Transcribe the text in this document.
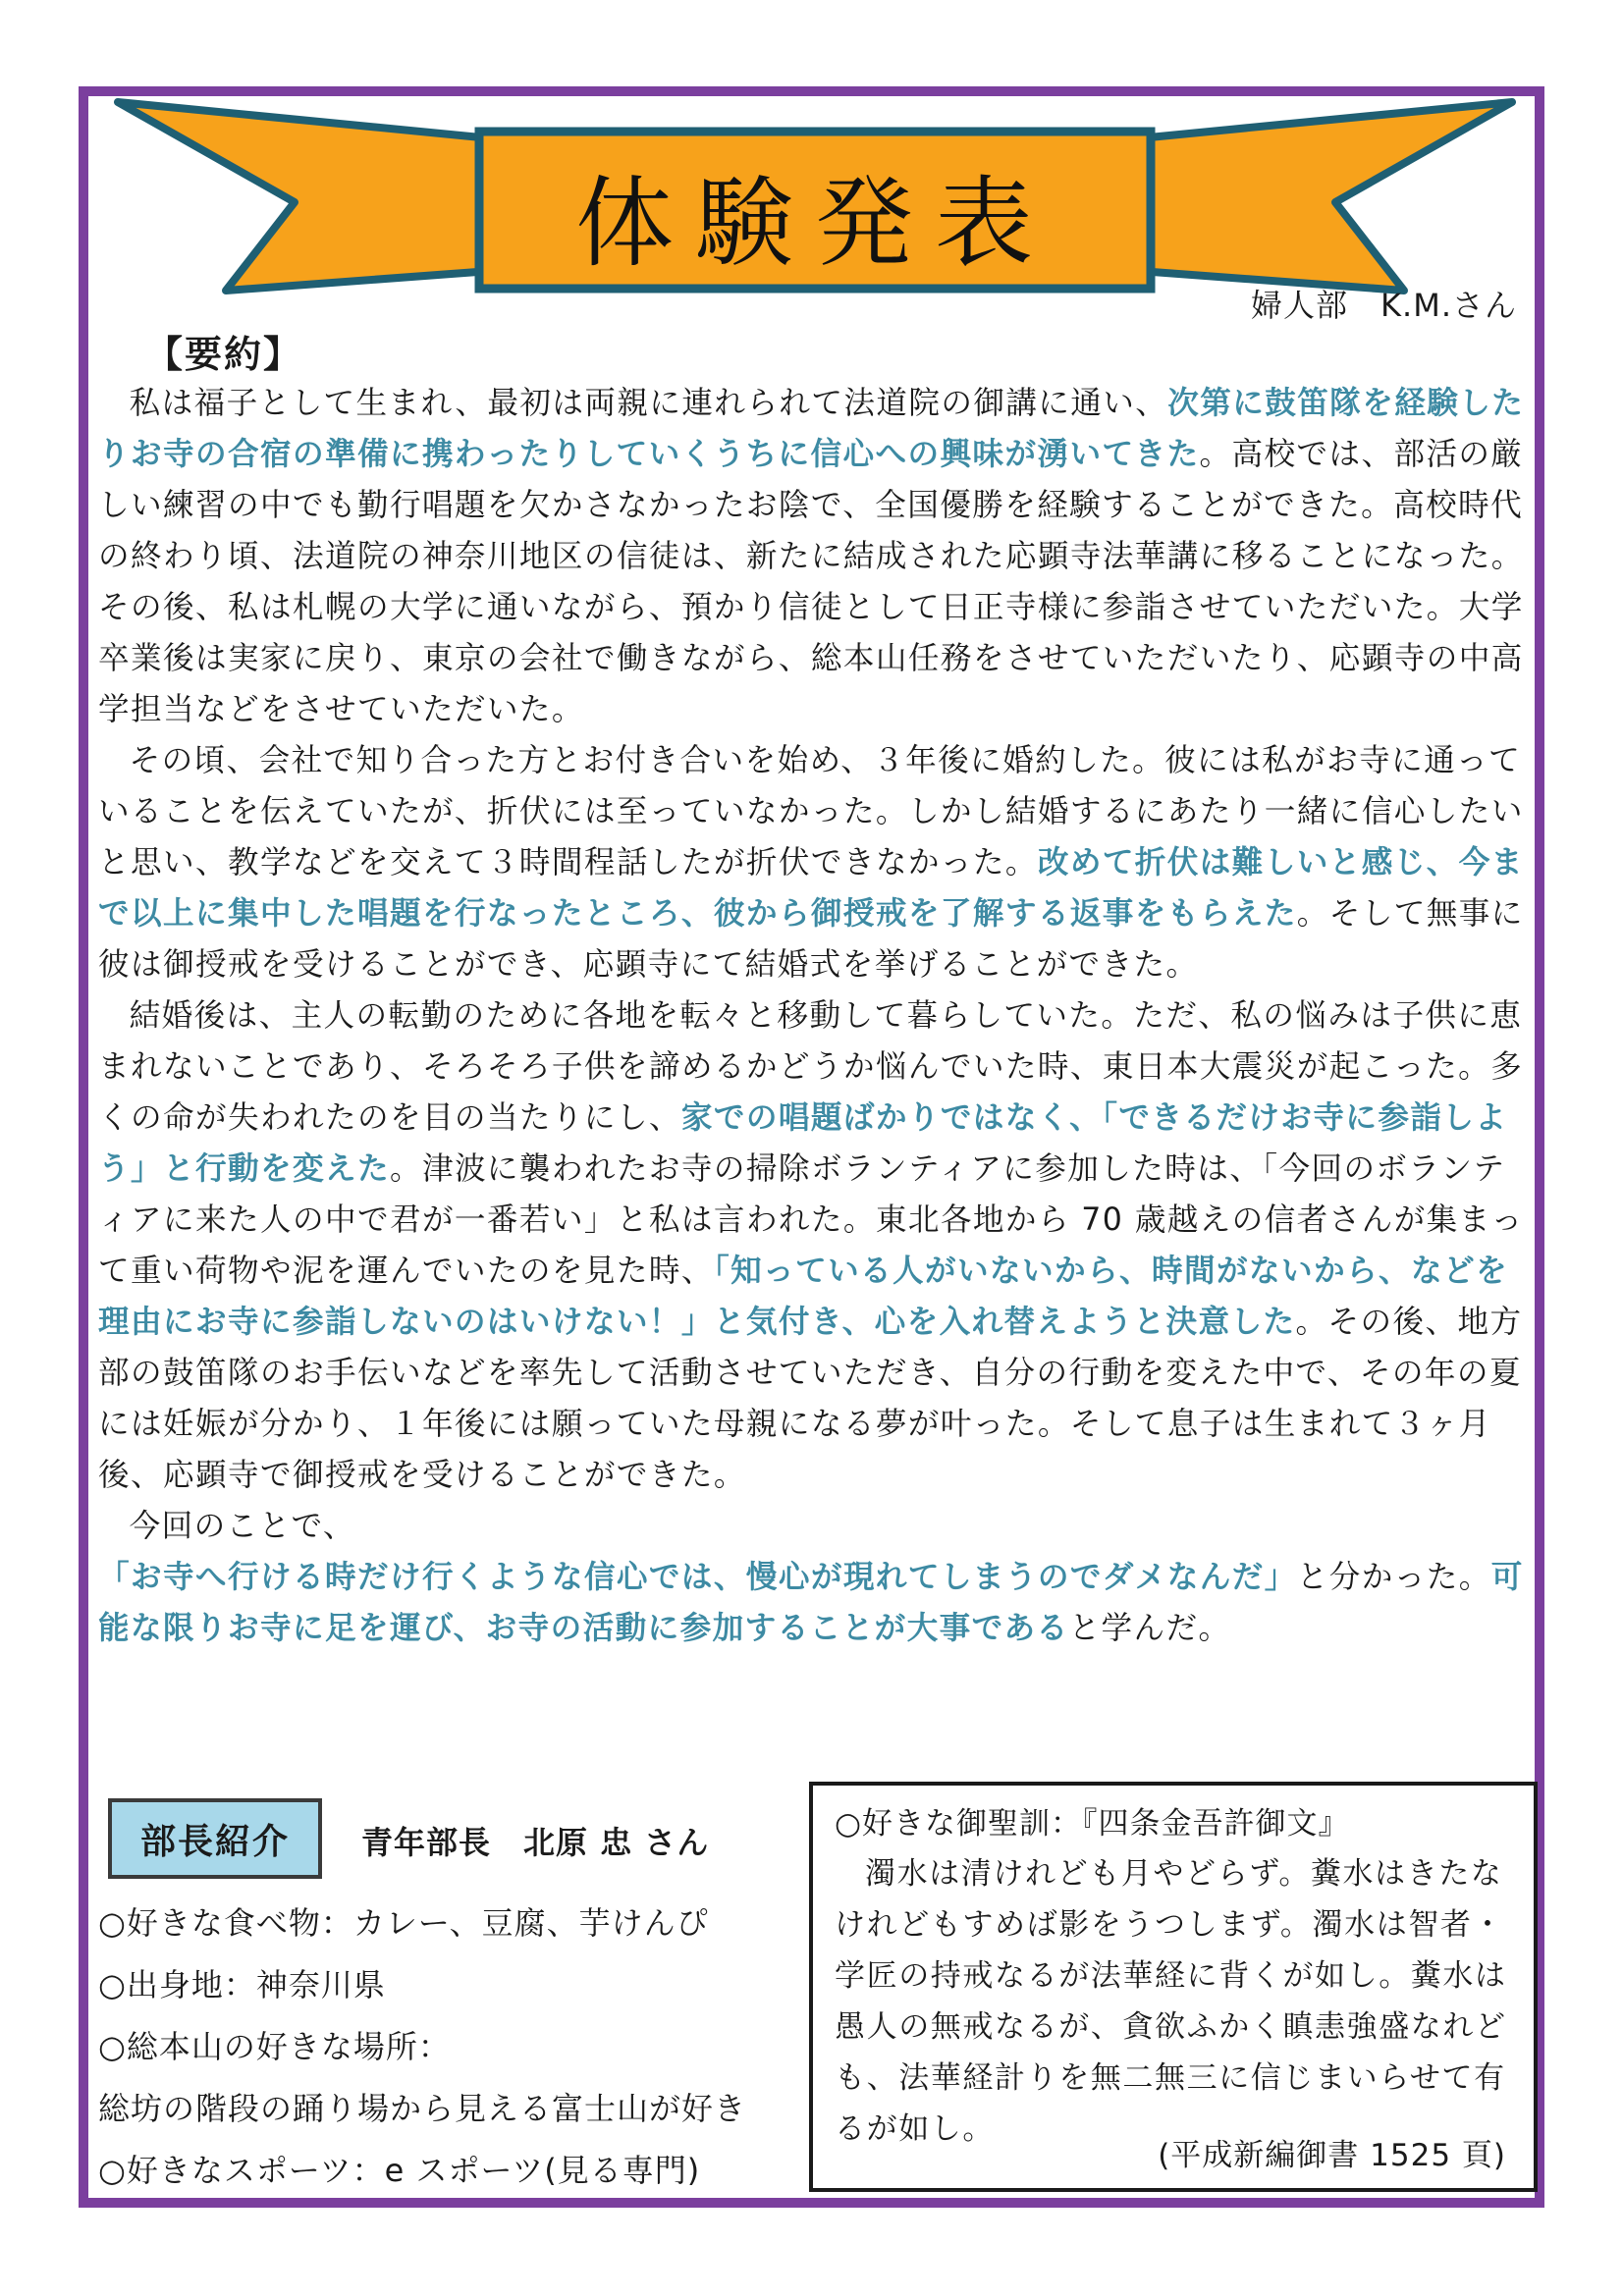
体験発表
婦人部　K.M.さん
【要約】

私は福子として生まれ、最初は両親に連れられて法道院の御講に通い、次第に鼓笛隊を経験したりお寺の合宿の準備に携わったりしていくうちに信心への興味が湧いてきた。高校では、部活の厳しい練習の中でも勤行唱題を欠かさなかったお陰で、全国優勝を経験することができた。高校時代の終わり頃、法道院の神奈川地区の信徒は、新たに結成された応顕寺法華講に移ることになった。その後、私は札幌の大学に通いながら、預かり信徒として日正寺様に参詣させていただいた。大学卒業後は実家に戻り、東京の会社で働きながら、総本山任務をさせていただいたり、応顕寺の中高学担当などをさせていただいた。

その頃、会社で知り合った方とお付き合いを始め、３年後に婚約した。彼には私がお寺に通っていることを伝えていたが、折伏には至っていなかった。しかし結婚するにあたり一緒に信心したいと思い、教学などを交えて３時間程話したが折伏できなかった。改めて折伏は難しいと感じ、今まで以上に集中した唱題を行なったところ、彼から御授戒を了解する返事をもらえた。そして無事に彼は御授戒を受けることができ、応顕寺にて結婚式を挙げることができた。

結婚後は、主人の転勤のために各地を転々と移動して暮らしていた。ただ、私の悩みは子供に恵まれないことであり、そろそろ子供を諦めるかどうか悩んでいた時、東日本大震災が起こった。多くの命が失われたのを目の当たりにし、家での唱題ばかりではなく、「できるだけお寺に参詣しよう」と行動を変えた。津波に襲われたお寺の掃除ボランティアに参加した時は、「今回のボランティアに来た人の中で君が一番若い」と私は言われた。東北各地から 70 歳越えの信者さんが集まって重い荷物や泥を運んでいたのを見た時、「知っている人がいないから、時間がないから、などを理由にお寺に参詣しないのはいけない！」と気付き、心を入れ替えようと決意した。その後、地方部の鼓笛隊のお手伝いなどを率先して活動させていただき、自分の行動を変えた中で、その年の夏には妊娠が分かり、１年後には願っていた母親になる夢が叶った。そして息子は生まれて３ヶ月後、応顕寺で御授戒を受けることができた。

今回のことで、「お寺へ行ける時だけ行くような信心では、慢心が現れてしまうのでダメなんだ」と分かった。可能な限りお寺に足を運び、お寺の活動に参加することが大事であると学んだ。

部長紹介 青年部長　北原 忠 さん
○好きな食べ物：カレー、豆腐、芋けんぴ
○出身地：神奈川県
○総本山の好きな場所：
総坊の階段の踊り場から見える富士山が好き
○好きなスポーツ：e スポーツ(見る専門)
○好きな御聖訓：『四条金吾許御文』
濁水は清けれども月やどらず。糞水はきたなけれどもすめば影をうつしまず。濁水は智者・学匠の持戒なるが法華経に背くが如し。糞水は愚人の無戒なるが、貪欲ふかく瞋恚強盛なれども、法華経計りを無二無三に信じまいらせて有るが如し。
(平成新編御書 1525 頁)
